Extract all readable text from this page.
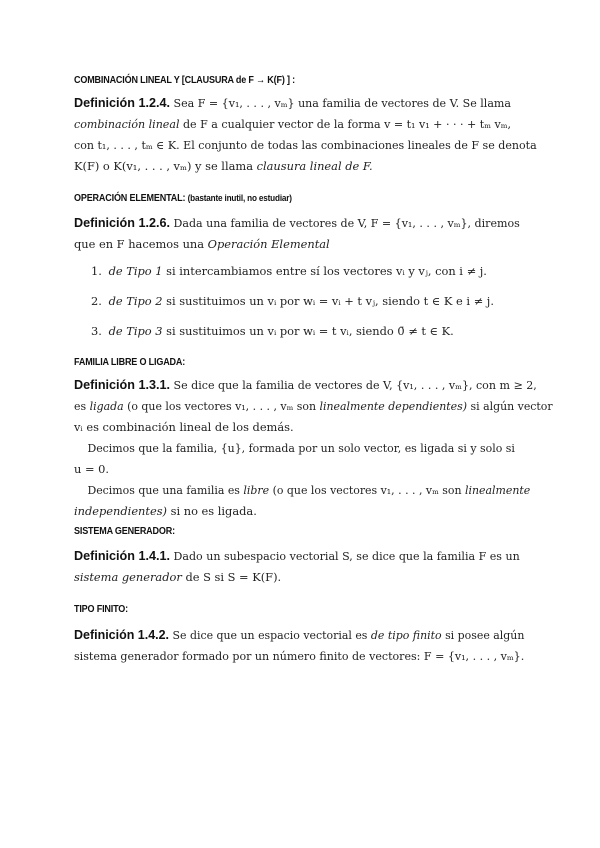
COMBINACIÓN LINEAL Y [CLAUSURA de F → K(F) ] :
Definición 1.2.4. Sea F = {v₁, . . . , vₘ} una familia de vectores de V. Se llama
combinación lineal de F a cualquier vector de la forma v = t₁ v₁ + · · · + tₘ vₘ,
con t₁, . . . , tₘ ∈ K. El conjunto de todas las combinaciones lineales de F se denota
K(F) o K(v₁, . . . , vₘ) y se llama clausura lineal de F.
OPERACIÓN ELEMENTAL: (bastante inutil, no estudiar)
Definición 1.2.6. Dada una familia de vectores de V, F = {v₁, . . . , vₘ}, diremos
que en F hacemos una Operación Elemental
1. de Tipo 1 si intercambiamos entre sí los vectores vᵢ y vⱼ, con i ≠ j.
2. de Tipo 2 si sustituimos un vᵢ por wᵢ = vᵢ + t vⱼ, siendo t ∈ K e i ≠ j.
3. de Tipo 3 si sustituimos un vᵢ por wᵢ = t vᵢ, siendo 0̄ ≠ t ∈ K.
FAMILIA LIBRE O LIGADA:
Definición 1.3.1. Se dice que la familia de vectores de V, {v₁, . . . , vₘ}, con m ≥ 2,
es ligada (o que los vectores v₁, . . . , vₘ son linealmente dependientes) si algún vector
vᵢ es combinación lineal de los demás.
Decimos que la familia, {u}, formada por un solo vector, es ligada si y solo si
u = 0.
Decimos que una familia es libre (o que los vectores v₁, . . . , vₘ son linealmente
independientes) si no es ligada.
SISTEMA GENERADOR:
Definición 1.4.1. Dado un subespacio vectorial S, se dice que la familia F es un
sistema generador de S si S = K(F).
TIPO FINITO:
Definición 1.4.2. Se dice que un espacio vectorial es de tipo finito si posee algún
sistema generador formado por un número finito de vectores: F = {v₁, . . . , vₘ}.
